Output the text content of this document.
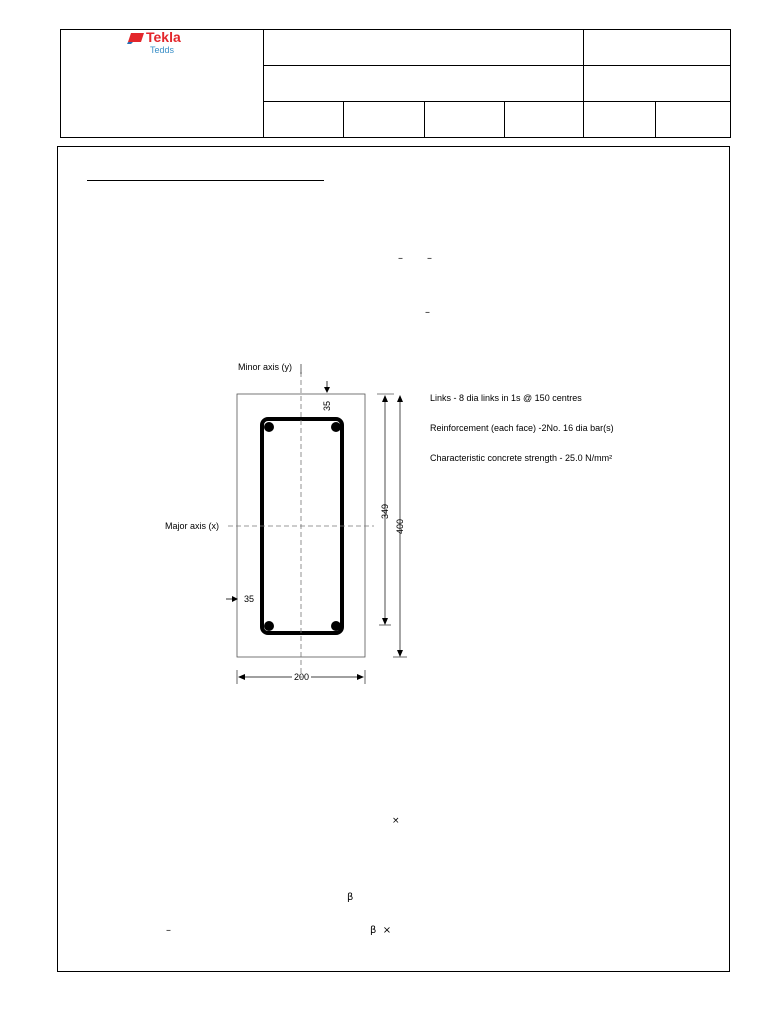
Tekla
Tedds
– –
–
Minor axis (y)
Major axis (x)
35
35
349
400
200
Links - 8 dia links in 1s @ 150 centres
Reinforcement (each face) -2No. 16 dia bar(s)
Characteristic concrete strength - 25.0 N/mm²
×
β
–	β  ×
